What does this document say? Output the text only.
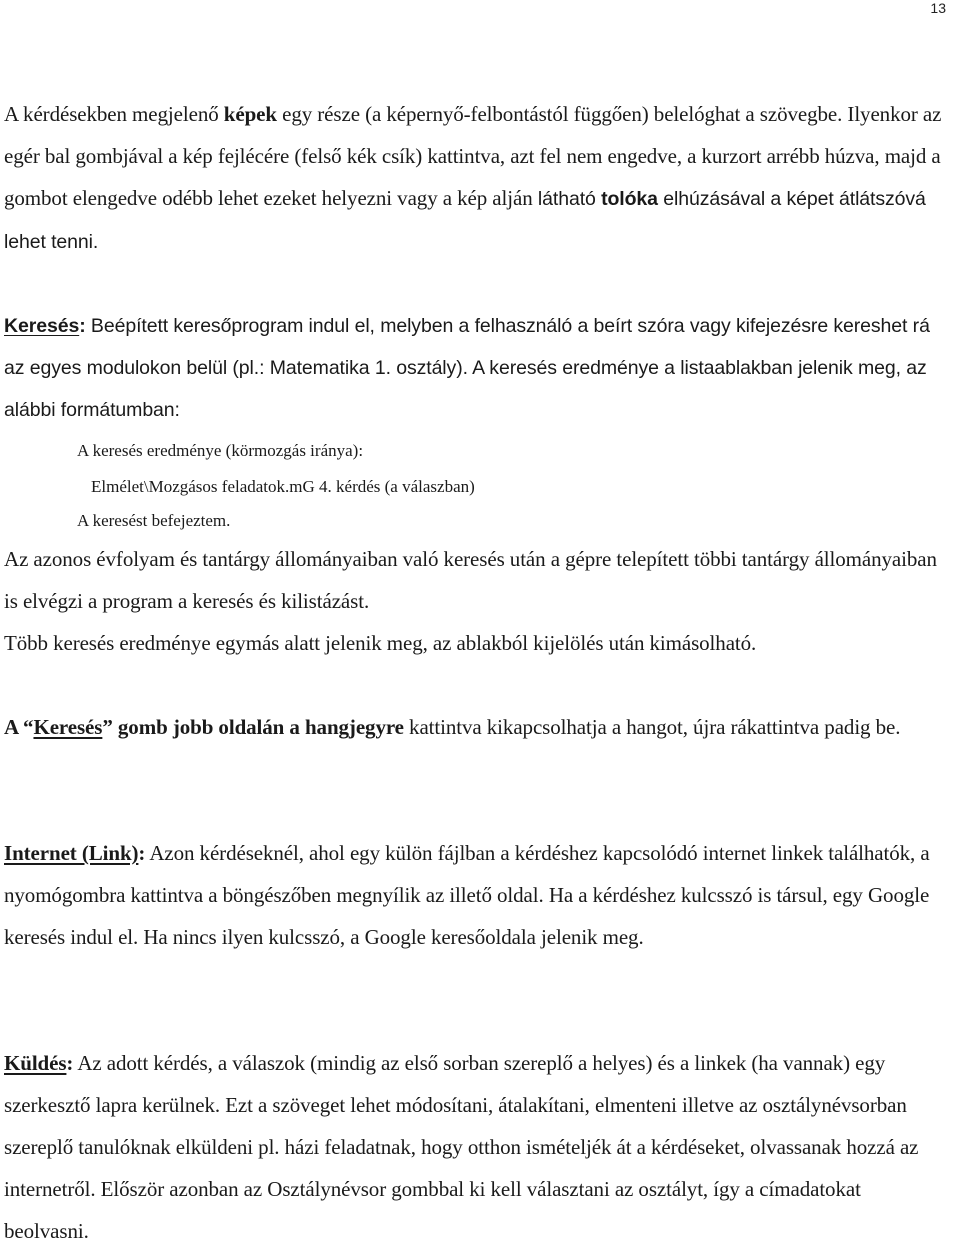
13

A kérdésekben megjelenő képek egy része (a képernyő-felbontástól függően) belelóghat a szövegbe. Ilyenkor az egér bal gombjával a kép fejlécére (felső kék csík) kattintva, azt fel nem engedve, a kurzort arrébb húzva, majd a gombot elengedve odébb lehet ezeket helyezni vagy a kép alján látható tolóka elhúzásával a képet átlátszóvá lehet tenni.

Keresés: Beépített keresőprogram indul el, melyben a felhasználó a beírt szóra vagy kifejezésre kereshet rá az egyes modulokon belül (pl.: Matematika 1. osztály). A keresés eredménye a listaablakban jelenik meg, az alábbi formátumban:

A keresés eredménye (körmozgás iránya):
Elmélet\Mozgásos feladatok.mG 4. kérdés (a válaszban)
A keresést befejeztem.

Az azonos évfolyam és tantárgy állományaiban való keresés után a gépre telepített többi tantárgy állományaiban is elvégzi a program a keresés és kilistázást.

Több keresés eredménye egymás alatt jelenik meg, az ablakból kijelölés után kimásolható.

A “Keresés” gomb jobb oldalán a hangjegyre kattintva kikapcsolhatja a hangot, újra rákattintva padig be.

Internet (Link): Azon kérdéseknél, ahol egy külön fájlban a kérdéshez kapcsolódó internet linkek találhatók, a nyomógombra kattintva a böngészőben megnyílik az illető oldal. Ha a kérdéshez kulcsszó is társul, egy Google keresés indul el. Ha nincs ilyen kulcsszó, a Google keresőoldala jelenik meg.

Küldés: Az adott kérdés, a válaszok (mindig az első sorban szereplő a helyes) és a linkek (ha vannak) egy szerkesztő lapra kerülnek. Ezt a szöveget lehet módosítani, átalakítani, elmenteni illetve az osztálynévsorban szereplő tanulóknak elküldeni pl. házi feladatnak, hogy otthon ismételjék át a kérdéseket, olvassanak hozzá az internetről. Először azonban az Osztálynévsor gombbal ki kell választani az osztályt, így a címadatokat beolvasni.
